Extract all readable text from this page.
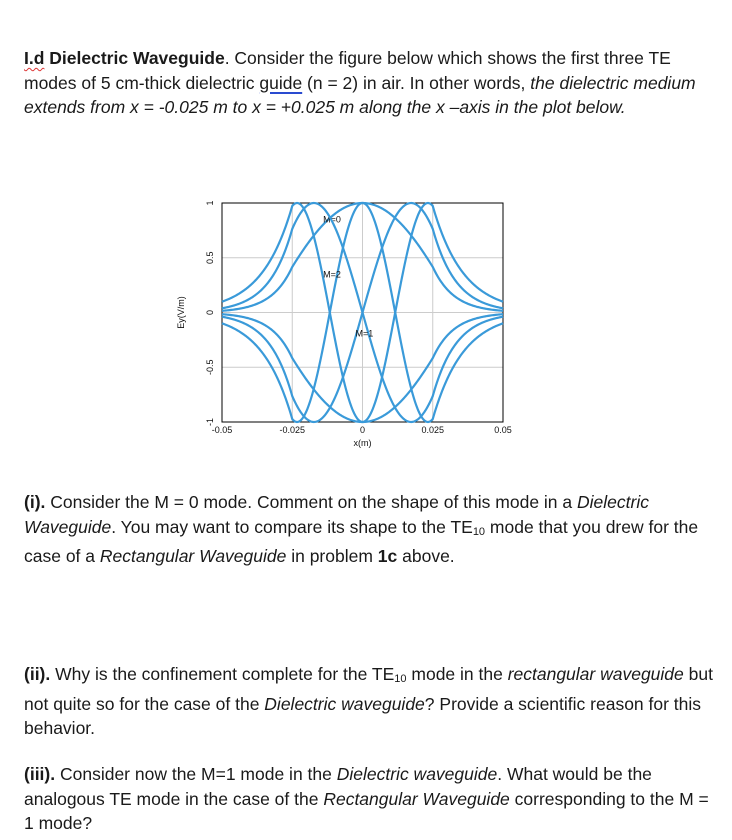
I.d Dielectric Waveguide. Consider the figure below which shows the first three TE modes of 5 cm-thick dielectric guide (n = 2) in air. In other words, the dielectric medium extends from x = -0.025 m to x = +0.025 m along the x –axis in the plot below.

-0.05	-0.025	0	0.025	0.05
1
0.5
0
-0.5
-1
x(m)
Ey(V/m)
M=0
M=1
M=2

(i). Consider the M = 0 mode. Comment on the shape of this mode in a Dielectric Waveguide. You may want to compare its shape to the $TE_{10}$ mode that you drew for the case of a Rectangular Waveguide in problem 1c above.

(ii). Why is the confinement complete for the $TE_{10}$ mode in the rectangular waveguide but not quite so for the case of the Dielectric waveguide? Provide a scientific reason for this behavior.

(iii). Consider now the M=1 mode in the Dielectric waveguide. What would be the analogous TE mode in the case of the Rectangular Waveguide corresponding to the M = 1 mode?
